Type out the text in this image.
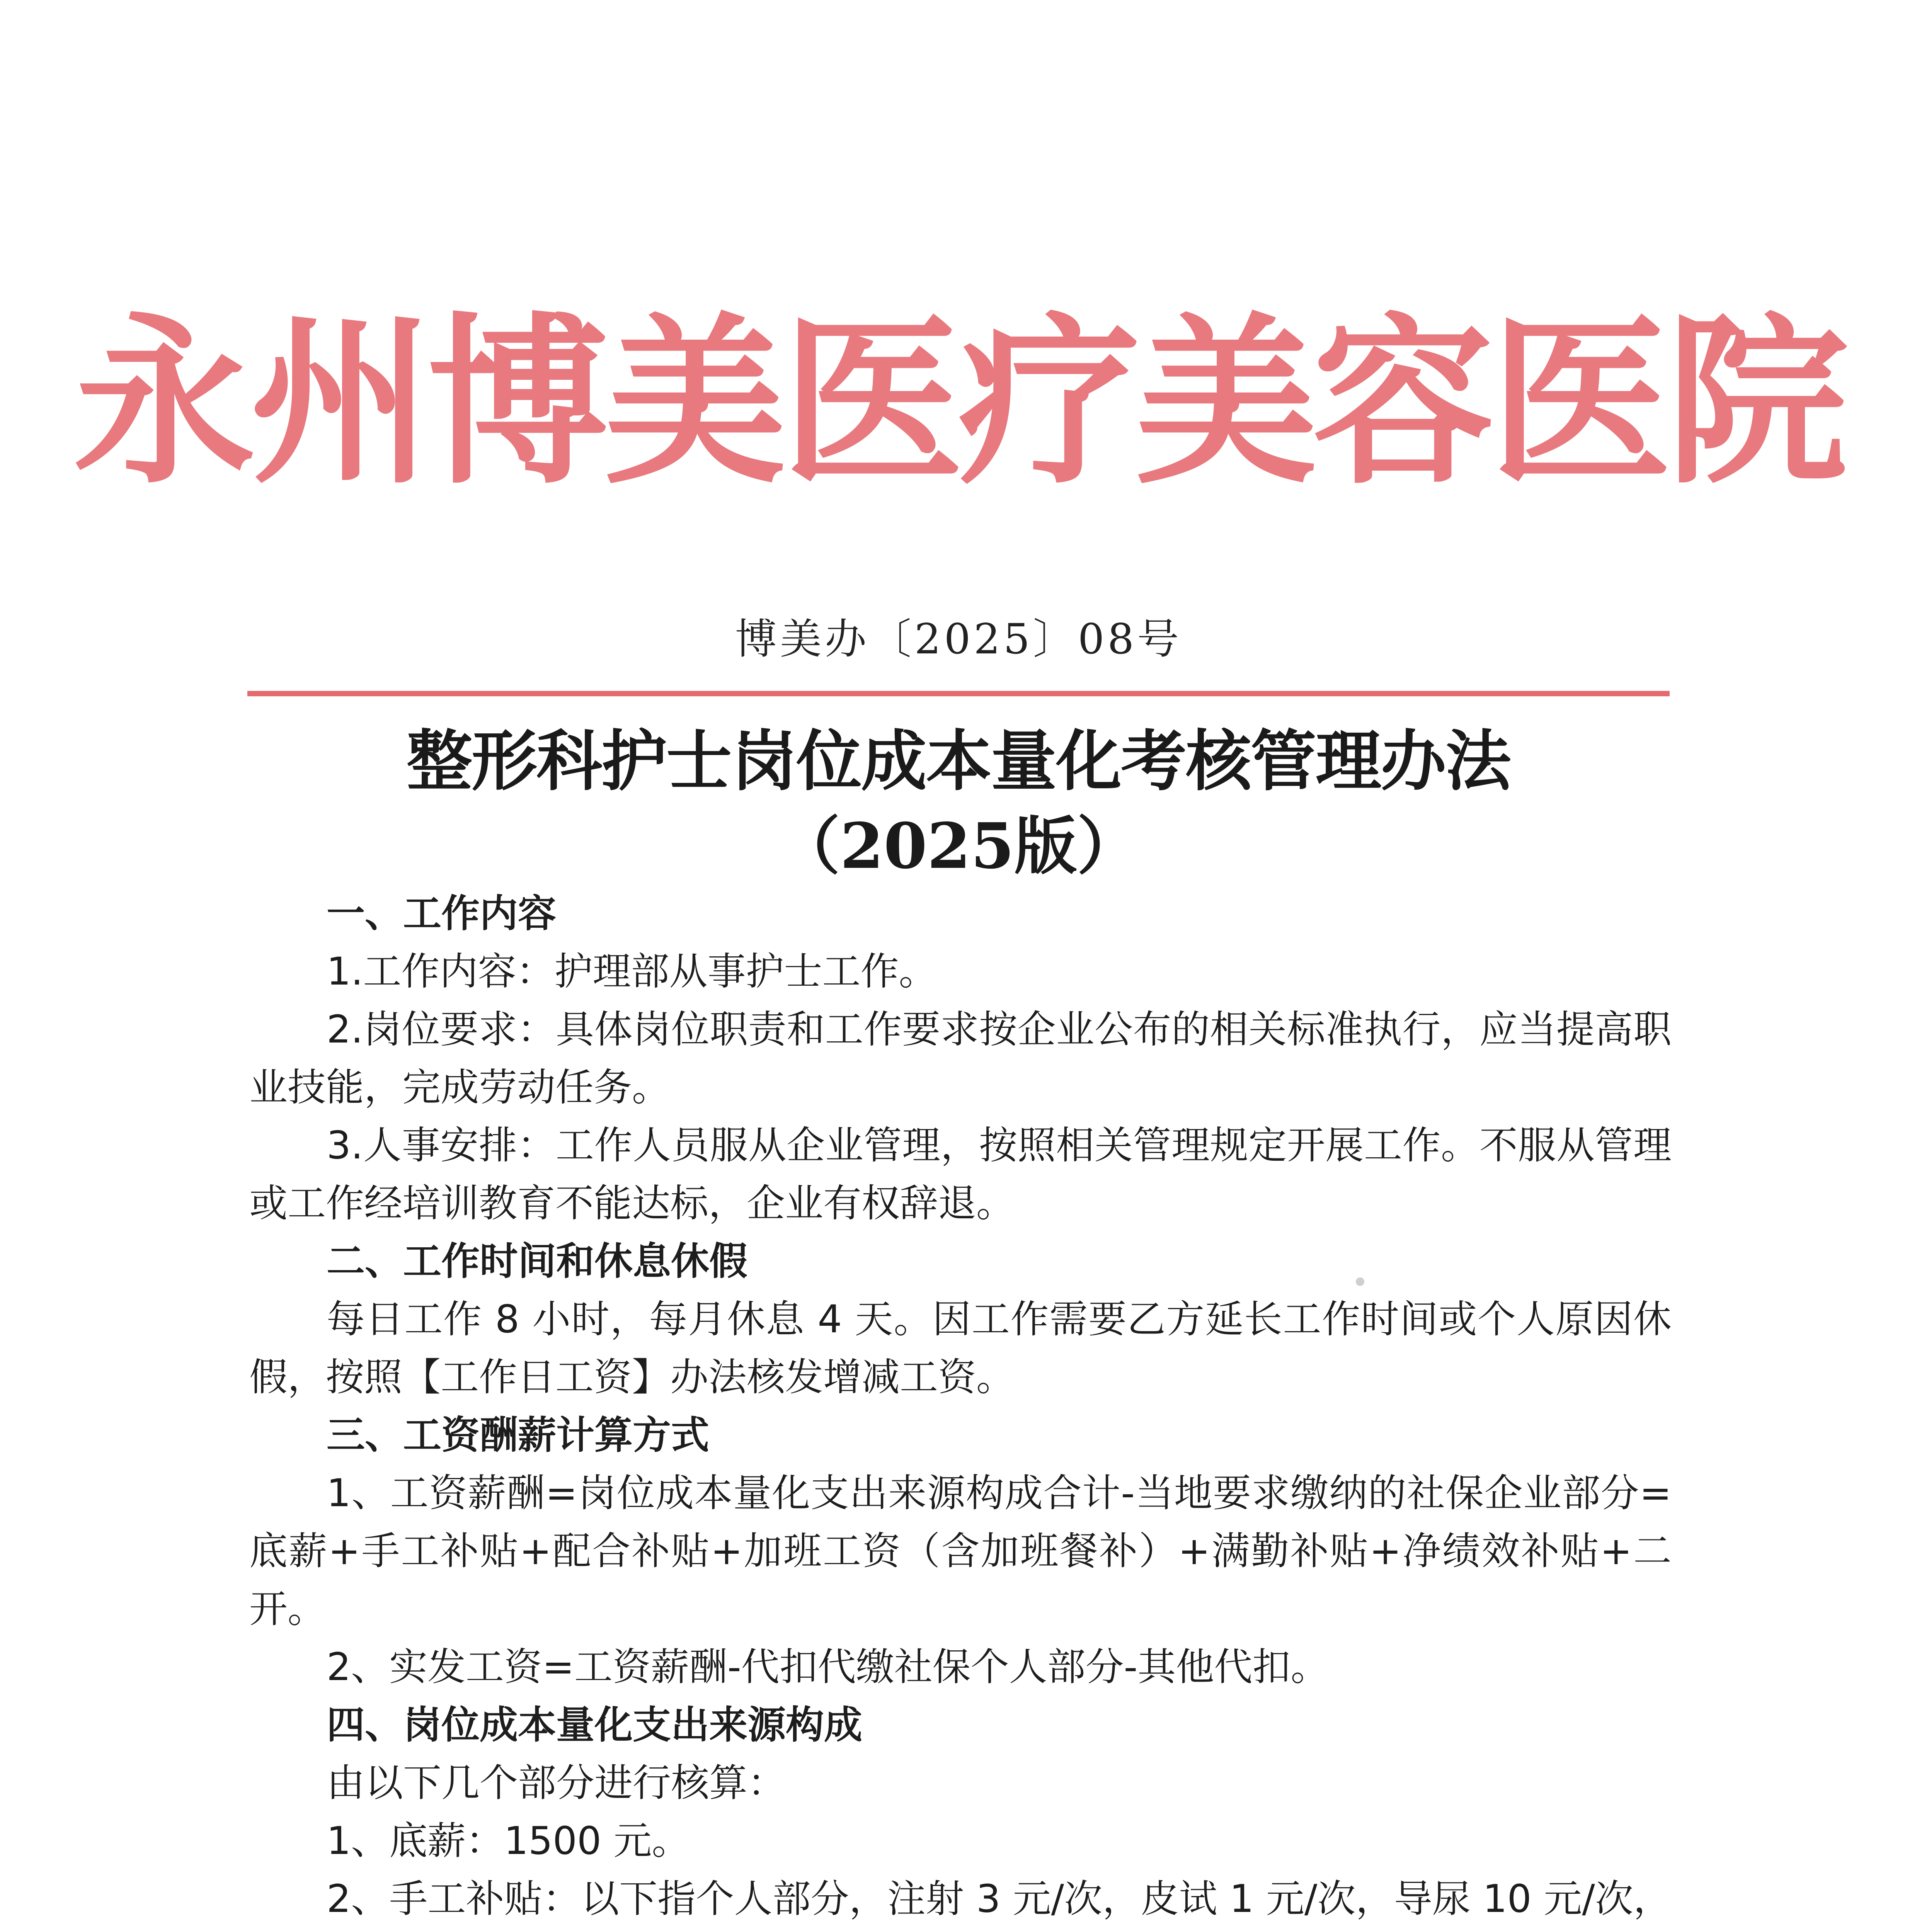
永州博美医疗美容医院
博美办〔2025〕08号
整形科护士岗位成本量化考核管理办法
（2025版）

一、工作内容

1.工作内容：护理部从事护士工作。

2.岗位要求：具体岗位职责和工作要求按企业公布的相关标准执行，应当提高职业技能，完成劳动任务。

3.人事安排：工作人员服从企业管理，按照相关管理规定开展工作。不服从管理或工作经培训教育不能达标，企业有权辞退。

二、工作时间和休息休假

每日工作 8 小时，每月休息 4 天。因工作需要乙方延长工作时间或个人原因休假，按照【工作日工资】办法核发增减工资。

三、工资酬薪计算方式

1、工资薪酬=岗位成本量化支出来源构成合计-当地要求缴纳的社保企业部分=底薪+手工补贴+配合补贴+加班工资（含加班餐补）+满勤补贴+净绩效补贴+二开。

2、实发工资=工资薪酬-代扣代缴社保个人部分-其他代扣。

四、岗位成本量化支出来源构成

由以下几个部分进行核算：

1、底薪：1500 元。

2、手工补贴：以下指个人部分，注射 3 元/次，皮试 1 元/次，导尿 10 元/次，
